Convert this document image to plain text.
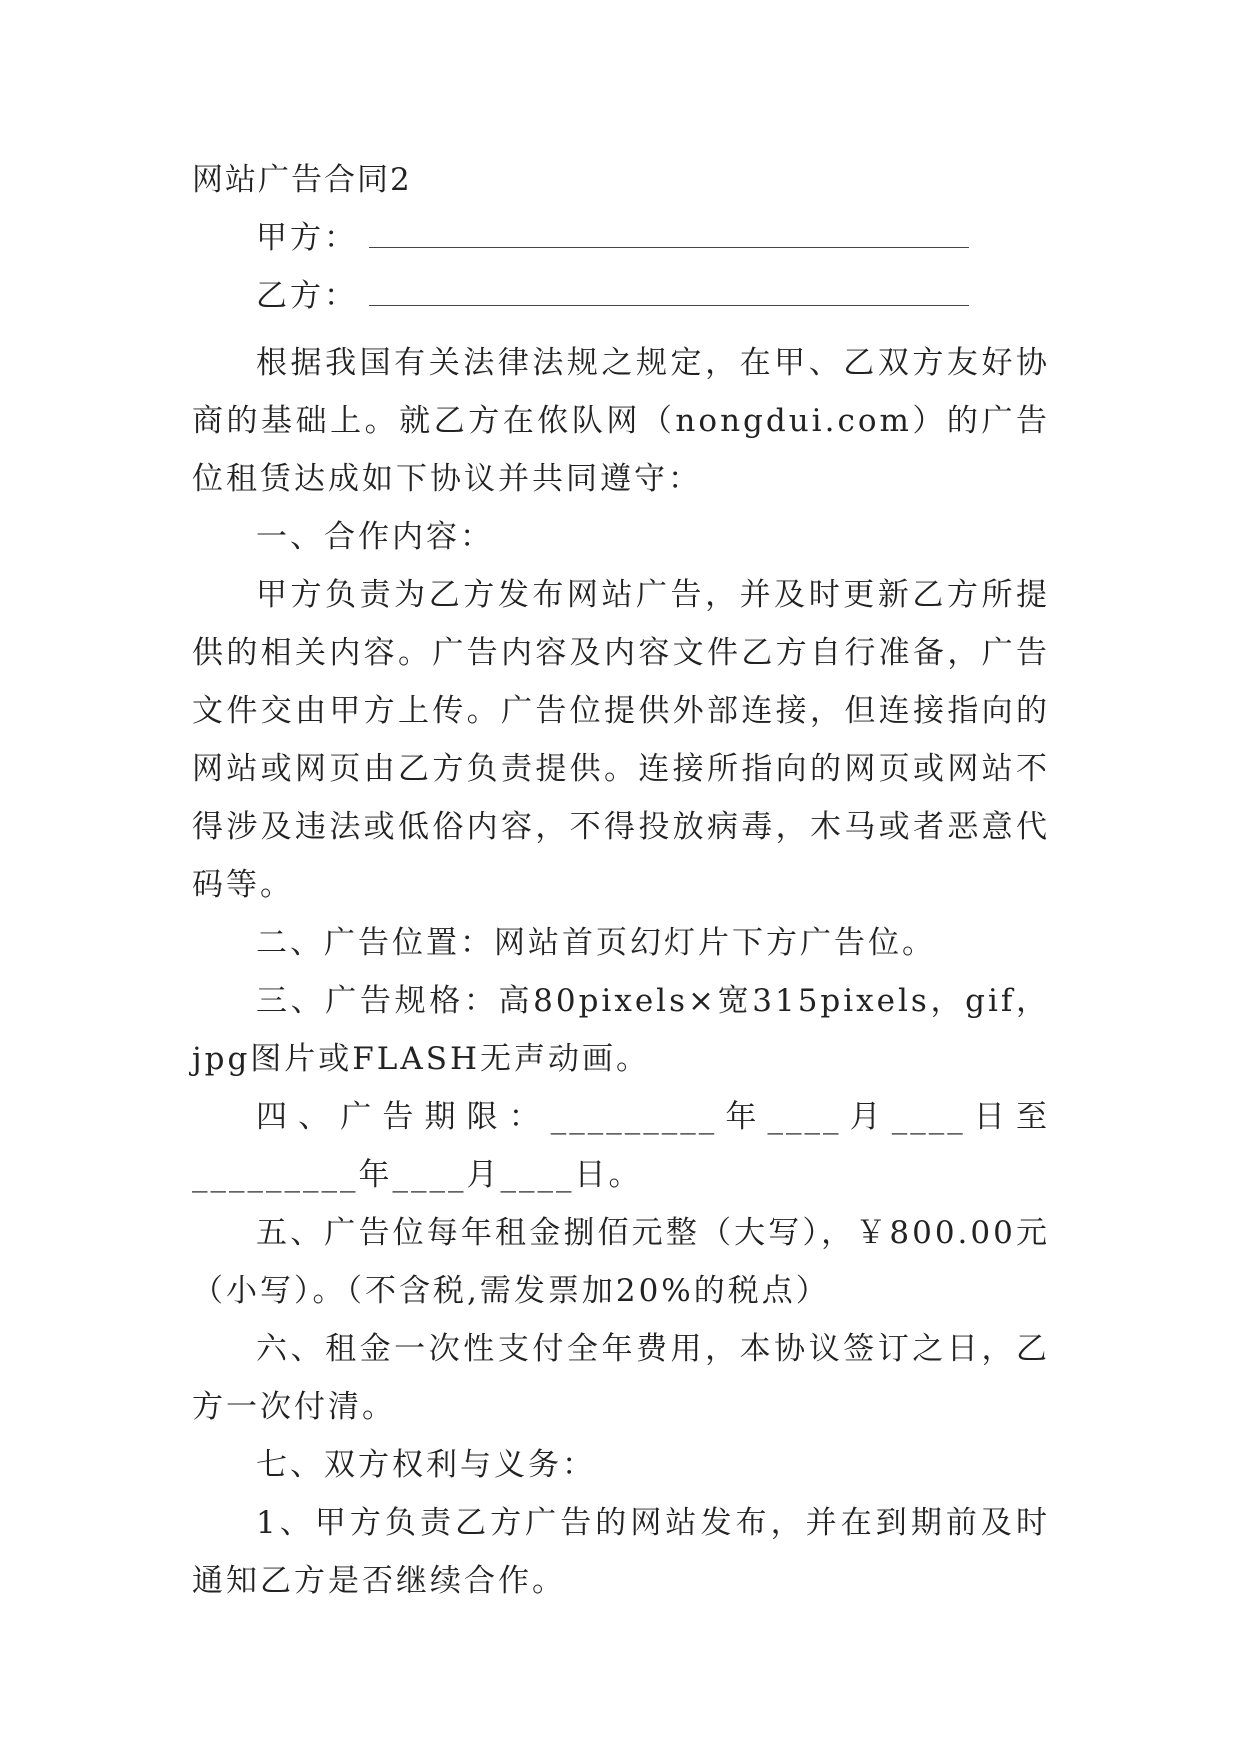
网站广告合同2
甲方：
乙方：

根据我国有关法律法规之规定，在甲、乙双方友好协商的基础上。就乙方在侬队网（nongdui.com）的广告位租赁达成如下协议并共同遵守：

一、合作内容：

甲方负责为乙方发布网站广告，并及时更新乙方所提供的相关内容。广告内容及内容文件乙方自行准备，广告文件交由甲方上传。广告位提供外部连接，但连接指向的网站或网页由乙方负责提供。连接所指向的网页或网站不得涉及违法或低俗内容，不得投放病毒，木马或者恶意代码等。

二、广告位置：网站首页幻灯片下方广告位。

三、广告规格：高80pixels×宽315pixels，gif，jpg图片或FLASH无声动画。

四、广告期限：_________年____月____日至_________年____月____日。

五、广告位每年租金捌佰元整（大写），￥800.00元（小写）。（不含税,需发票加20%的税点）

六、租金一次性支付全年费用，本协议签订之日，乙方一次付清。

七、双方权利与义务：

1、甲方负责乙方广告的网站发布，并在到期前及时通知乙方是否继续合作。
